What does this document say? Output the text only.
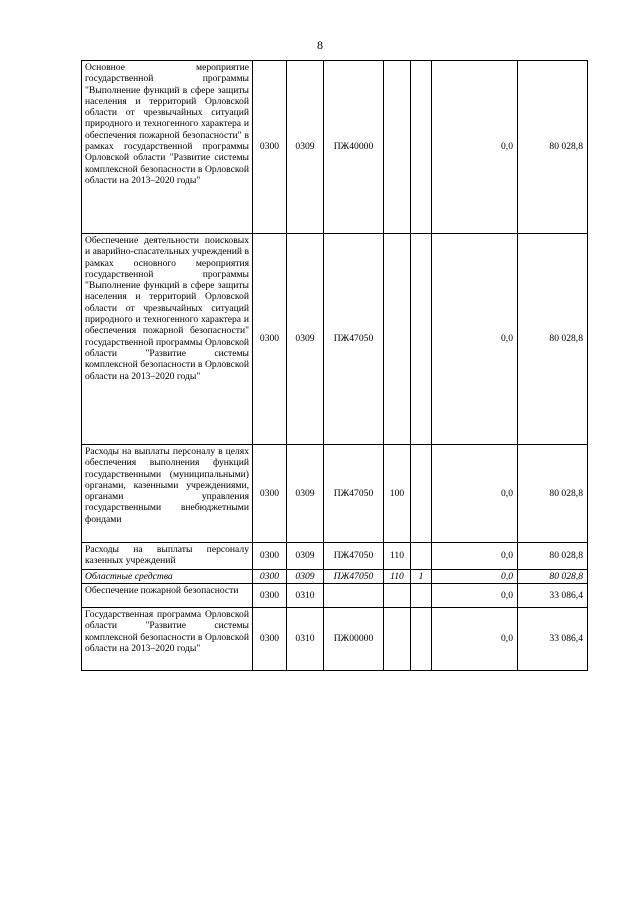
8
Основное мероприятие государственной программы "Выполнение функций в сфере защиты населения и территорий Орловской области от чрезвычайных ситуаций природного и техногенного характера и обеспечения пожарной безопасности" в рамках государственной программы Орловской области "Развитие системы комплексной безопасности в Орловской области на 2013–2020 годы"	0300	0309	ПЖ40000			0,0	80 028,8
Обеспечение деятельности поисковых и аварийно-спасательных учреждений в рамках основного мероприятия государственной программы "Выполнение функций в сфере защиты населения и территорий Орловской области от чрезвычайных ситуаций природного и техногенного характера и обеспечения пожарной безопасности" государственной программы Орловской области "Развитие системы комплексной безопасности в Орловской области на 2013–2020 годы"	0300	0309	ПЖ47050			0,0	80 028,8
Расходы на выплаты персоналу в целях обеспечения выполнения функций государственными (муниципальными) органами, казенными учреждениями, органами управления государственными внебюджетными фондами	0300	0309	ПЖ47050	100		0,0	80 028,8
Расходы на выплаты персоналу казенных учреждений	0300	0309	ПЖ47050	110		0,0	80 028,8
Областные средства	0300	0309	ПЖ47050	110	1	0,0	80 028,8
Обеспечение пожарной безопасности	0300	0310				0,0	33 086,4
Государственная программа Орловской области "Развитие системы комплексной безопасности в Орловской области на 2013–2020 годы"	0300	0310	ПЖ00000			0,0	33 086,4
